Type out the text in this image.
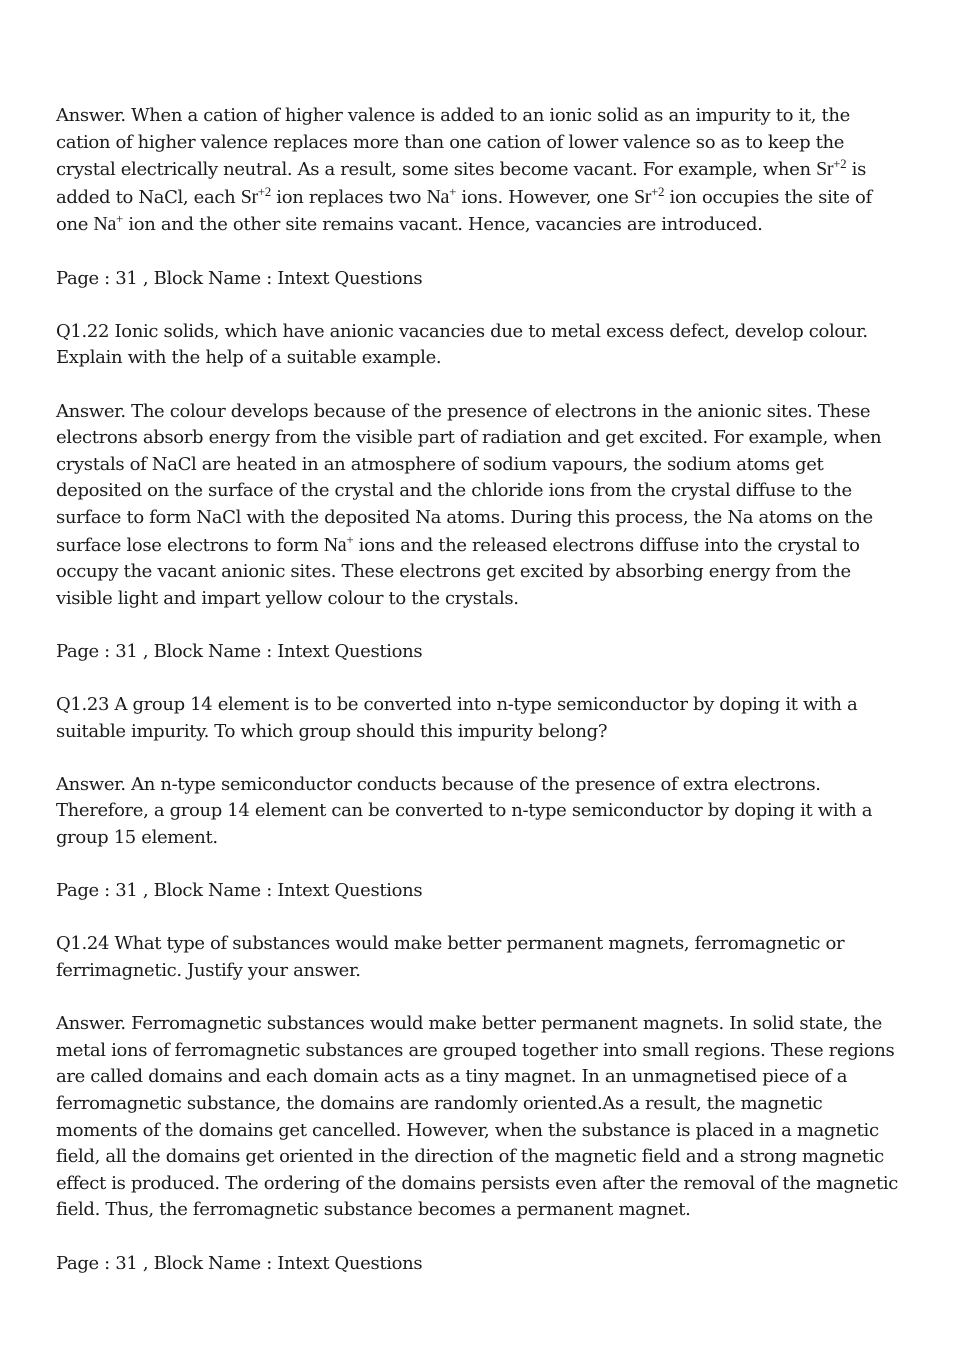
Answer. When a cation of higher valence is added to an ionic solid as an impurity to it, the cation of higher valence replaces more than one cation of lower valence so as to keep the crystal electrically neutral. As a result, some sites become vacant. For example, when $Sr^{+2}$ is added to NaCl, each $Sr^{+2}$ ion replaces two Na+ ions. However, one $Sr^{+2}$ ion occupies the site of one Na+ ion and the other site remains vacant. Hence, vacancies are introduced.

Page : 31 , Block Name : Intext Questions

Q1.22 Ionic solids, which have anionic vacancies due to metal excess defect, develop colour. Explain with the help of a suitable example.

Answer. The colour develops because of the presence of electrons in the anionic sites. These electrons absorb energy from the visible part of radiation and get excited. For example, when crystals of NaCl are heated in an atmosphere of sodium vapours, the sodium atoms get deposited on the surface of the crystal and the chloride ions from the crystal diffuse to the surface to form NaCl with the deposited Na atoms. During this process, the Na atoms on the surface lose electrons to form Na+ ions and the released electrons diffuse into the crystal to occupy the vacant anionic sites. These electrons get excited by absorbing energy from the visible light and impart yellow colour to the crystals.

Page : 31 , Block Name : Intext Questions

Q1.23 A group 14 element is to be converted into n-type semiconductor by doping it with a suitable impurity. To which group should this impurity belong?

Answer. An n-type semiconductor conducts because of the presence of extra electrons. Therefore, a group 14 element can be converted to n-type semiconductor by doping it with a group 15 element.

Page : 31 , Block Name : Intext Questions

Q1.24 What type of substances would make better permanent magnets, ferromagnetic or ferrimagnetic. Justify your answer.

Answer. Ferromagnetic substances would make better permanent magnets. In solid state, the metal ions of ferromagnetic substances are grouped together into small regions. These regions are called domains and each domain acts as a tiny magnet. In an unmagnetised piece of a ferromagnetic substance, the domains are randomly oriented.As a result, the magnetic moments of the domains get cancelled. However, when the substance is placed in a magnetic field, all the domains get oriented in the direction of the magnetic field and a strong magnetic effect is produced. The ordering of the domains persists even after the removal of the magnetic field. Thus, the ferromagnetic substance becomes a permanent magnet.

Page : 31 , Block Name : Intext Questions
